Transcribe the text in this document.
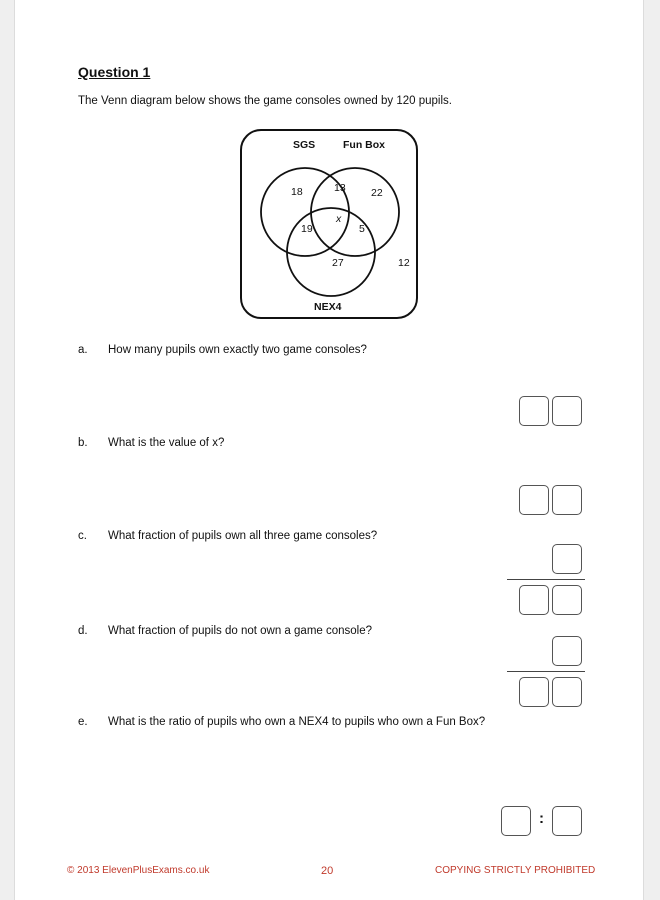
Question 1
The Venn diagram below shows the game consoles owned by 120 pupils.
SGS	Fun Box
NEX4
18	13 22
19
x
5
27	12
a. How many pupils own exactly two game consoles?
b. What is the value of x?
c. What fraction of pupils own all three game consoles?
d. What fraction of pupils do not own a game console?
e. What is the ratio of pupils who own a NEX4 to pupils who own a Fun Box?
:
© 2013 ElevenPlusExams.co.uk	20	COPYING STRICTLY PROHIBITED
